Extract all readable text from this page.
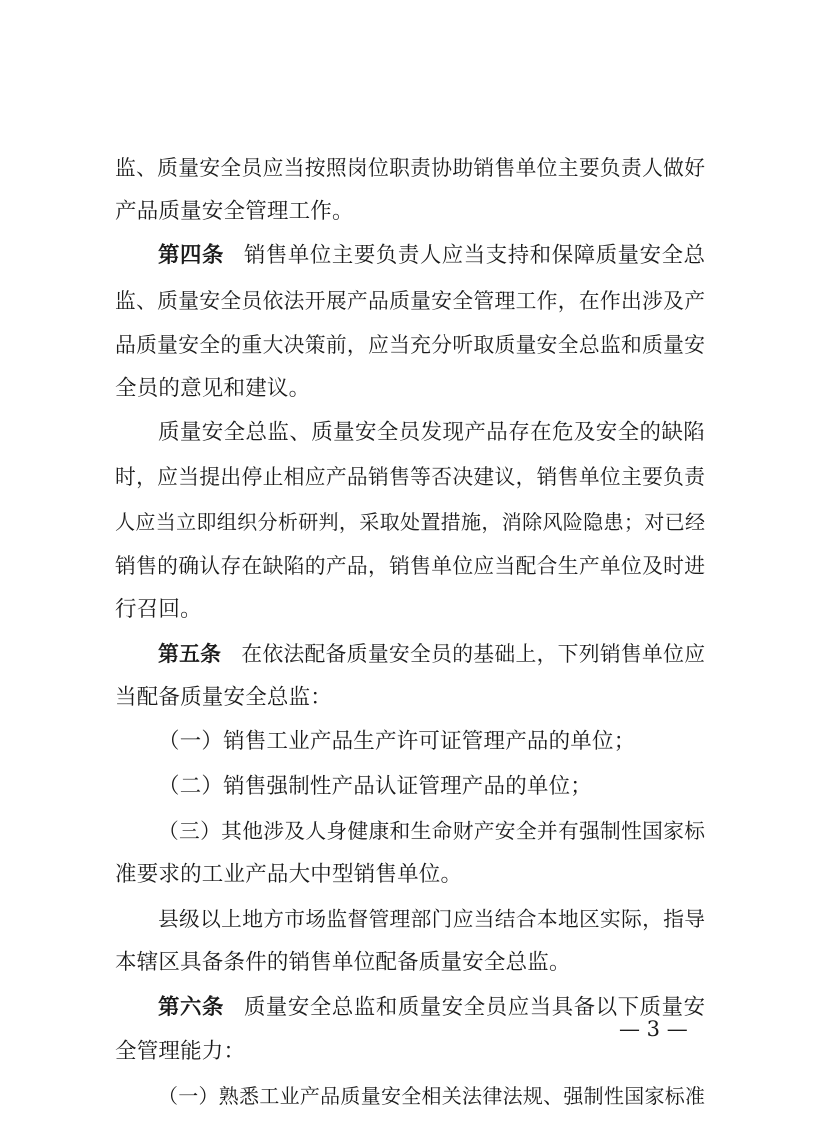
监、质量安全员应当按照岗位职责协助销售单位主要负责人做好
产品质量安全管理工作。
第四条 销售单位主要负责人应当支持和保障质量安全总
监、质量安全员依法开展产品质量安全管理工作，在作出涉及产
品质量安全的重大决策前，应当充分听取质量安全总监和质量安
全员的意见和建议。
质量安全总监、质量安全员发现产品存在危及安全的缺陷
时，应当提出停止相应产品销售等否决建议，销售单位主要负责
人应当立即组织分析研判，采取处置措施，消除风险隐患；对已经
销售的确认存在缺陷的产品，销售单位应当配合生产单位及时进
行召回。
第五条 在依法配备质量安全员的基础上，下列销售单位应
当配备质量安全总监：
（一）销售工业产品生产许可证管理产品的单位；
（二）销售强制性产品认证管理产品的单位；
（三）其他涉及人身健康和生命财产安全并有强制性国家标
准要求的工业产品大中型销售单位。
县级以上地方市场监督管理部门应当结合本地区实际，指导
本辖区具备条件的销售单位配备质量安全总监。
第六条 质量安全总监和质量安全员应当具备以下质量安
全管理能力：
（一）熟悉工业产品质量安全相关法律法规、强制性国家标准
— 3 —
